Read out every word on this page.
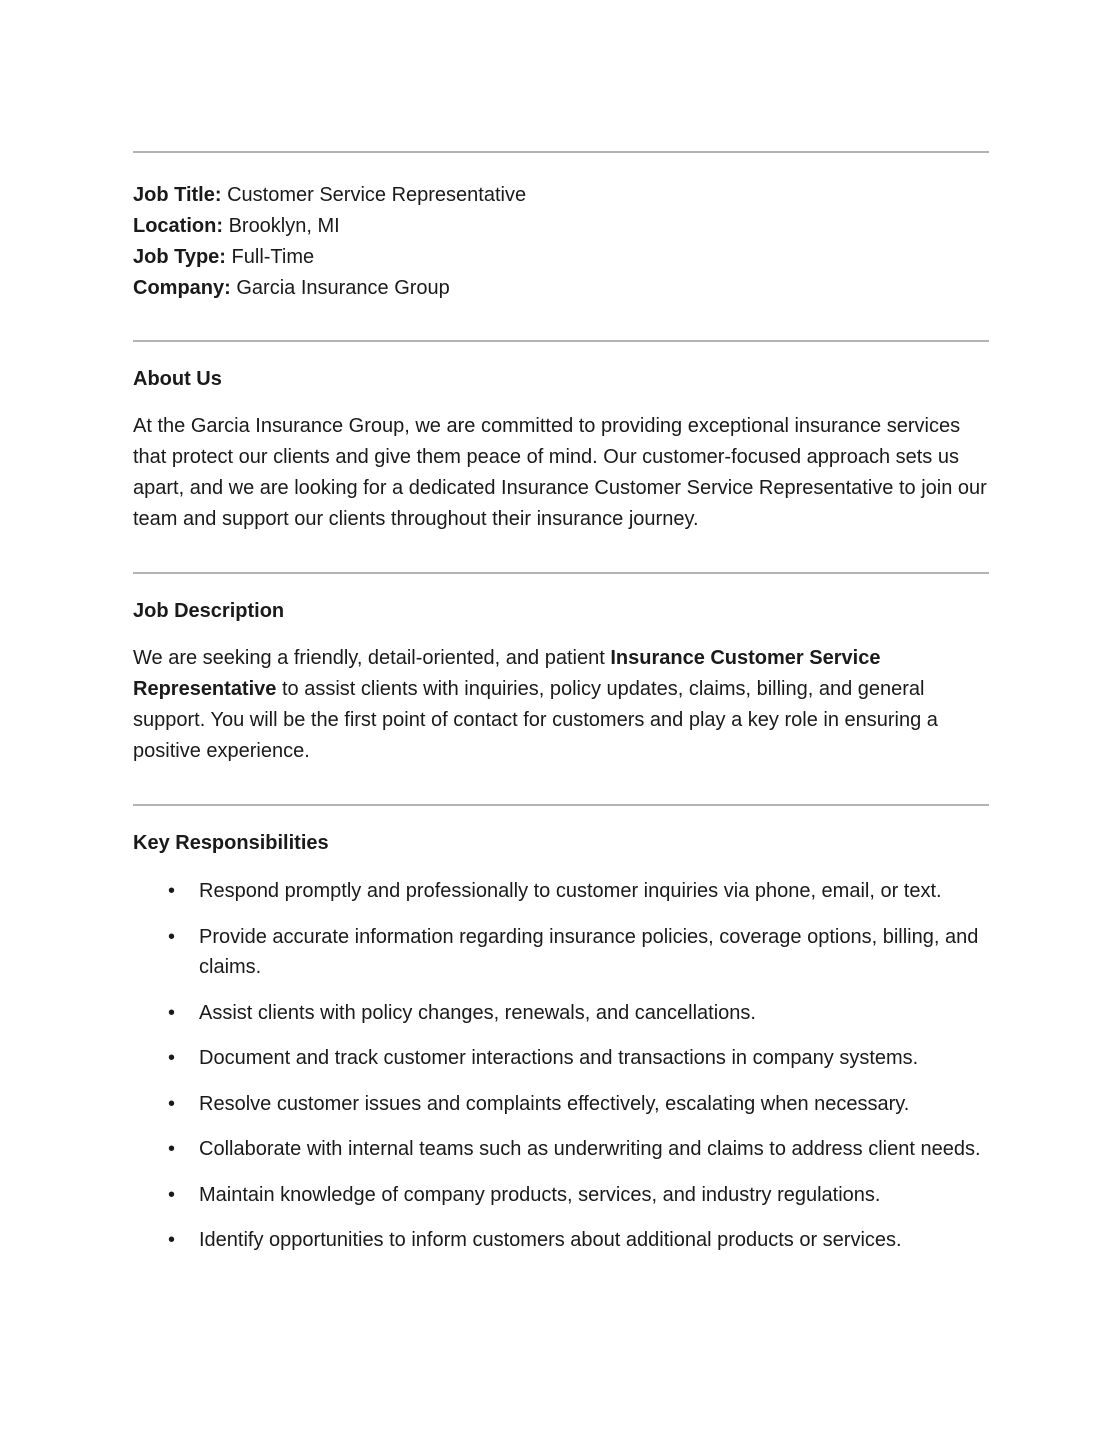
Job Title: Customer Service Representative
Location: Brooklyn, MI
Job Type: Full-Time
Company: Garcia Insurance Group
About Us

At the Garcia Insurance Group, we are committed to providing exceptional insurance services that protect our clients and give them peace of mind. Our customer-focused approach sets us apart, and we are looking for a dedicated Insurance Customer Service Representative to join our team and support our clients throughout their insurance journey.

Job Description

We are seeking a friendly, detail-oriented, and patient Insurance Customer Service Representative to assist clients with inquiries, policy updates, claims, billing, and general support. You will be the first point of contact for customers and play a key role in ensuring a positive experience.

Key Responsibilities
• Respond promptly and professionally to customer inquiries via phone, email, or text.
• Provide accurate information regarding insurance policies, coverage options, billing, and claims.
• Assist clients with policy changes, renewals, and cancellations.
• Document and track customer interactions and transactions in company systems.
• Resolve customer issues and complaints effectively, escalating when necessary.
• Collaborate with internal teams such as underwriting and claims to address client needs.
• Maintain knowledge of company products, services, and industry regulations.
• Identify opportunities to inform customers about additional products or services.
